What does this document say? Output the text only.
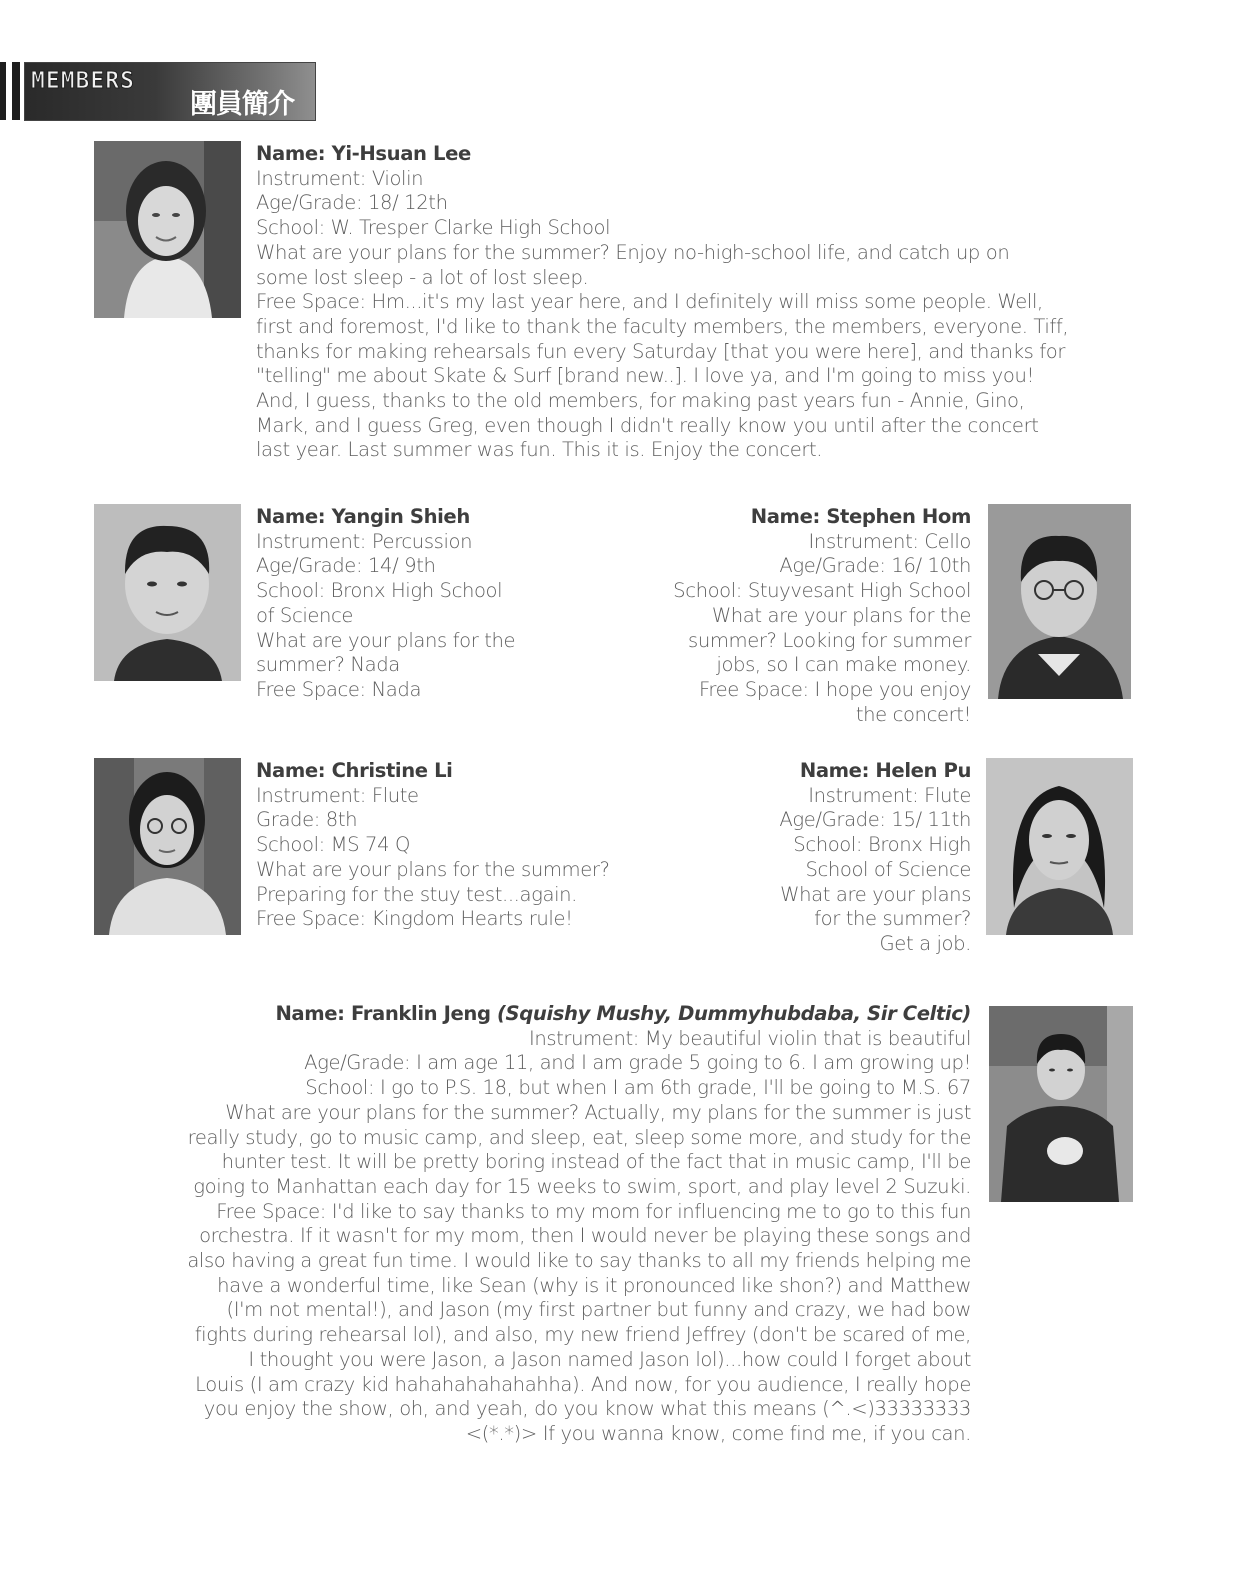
MEMBERS
團員簡介
Name: Yi-Hsuan Lee
Instrument: Violin
Age/Grade: 18/ 12th
School: W. Tresper Clarke High School
What are your plans for the summer? Enjoy no-high-school life, and catch up on
some lost sleep - a lot of lost sleep.
Free Space: Hm...it's my last year here, and I definitely will miss some people. Well,
first and foremost, I'd like to thank the faculty members, the members, everyone. Tiff,
thanks for making rehearsals fun every Saturday [that you were here], and thanks for
"telling" me about Skate & Surf [brand new..]. I love ya, and I'm going to miss you!
And, I guess, thanks to the old members, for making past years fun - Annie, Gino,
Mark, and I guess Greg, even though I didn't really know you until after the concert
last year. Last summer was fun. This it is. Enjoy the concert.
Name: Yangin Shieh
Instrument: Percussion
Age/Grade: 14/ 9th
School: Bronx High School
of Science
What are your plans for the
summer? Nada
Free Space: Nada
Name: Stephen Hom
Instrument: Cello
Age/Grade: 16/ 10th
School: Stuyvesant High School
What are your plans for the
summer? Looking for summer
jobs, so I can make money.
Free Space: I hope you enjoy
the concert!
Name: Christine Li
Instrument: Flute
Grade: 8th
School: MS 74 Q
What are your plans for the summer?
Preparing for the stuy test...again.
Free Space: Kingdom Hearts rule!
Name: Helen Pu
Instrument: Flute
Age/Grade: 15/ 11th
School: Bronx High
School of Science
What are your plans
for the summer?
Get a job.
Name: Franklin Jeng (Squishy Mushy, Dummyhubdaba, Sir Celtic)
Instrument: My beautiful violin that is beautiful
Age/Grade: I am age 11, and I am grade 5 going to 6. I am growing up!
School: I go to P.S. 18, but when I am 6th grade, I'll be going to M.S. 67
What are your plans for the summer? Actually, my plans for the summer is just
really study, go to music camp, and sleep, eat, sleep some more, and study for the
hunter test. It will be pretty boring instead of the fact that in music camp, I'll be
going to Manhattan each day for 15 weeks to swim, sport, and play level 2 Suzuki.
Free Space: I'd like to say thanks to my mom for influencing me to go to this fun
orchestra. If it wasn't for my mom, then I would never be playing these songs and
also having a great fun time. I would like to say thanks to all my friends helping me
have a wonderful time, like Sean (why is it pronounced like shon?) and Matthew
(I'm not mental!), and Jason (my first partner but funny and crazy, we had bow
fights during rehearsal lol), and also, my new friend Jeffrey (don't be scared of me,
I thought you were Jason, a Jason named Jason lol)...how could I forget about
Louis (I am crazy kid hahahahahahahha). And now, for you audience, I really hope
you enjoy the show, oh, and yeah, do you know what this means (^.<)33333333
<(*.*)> If you wanna know, come find me, if you can.
